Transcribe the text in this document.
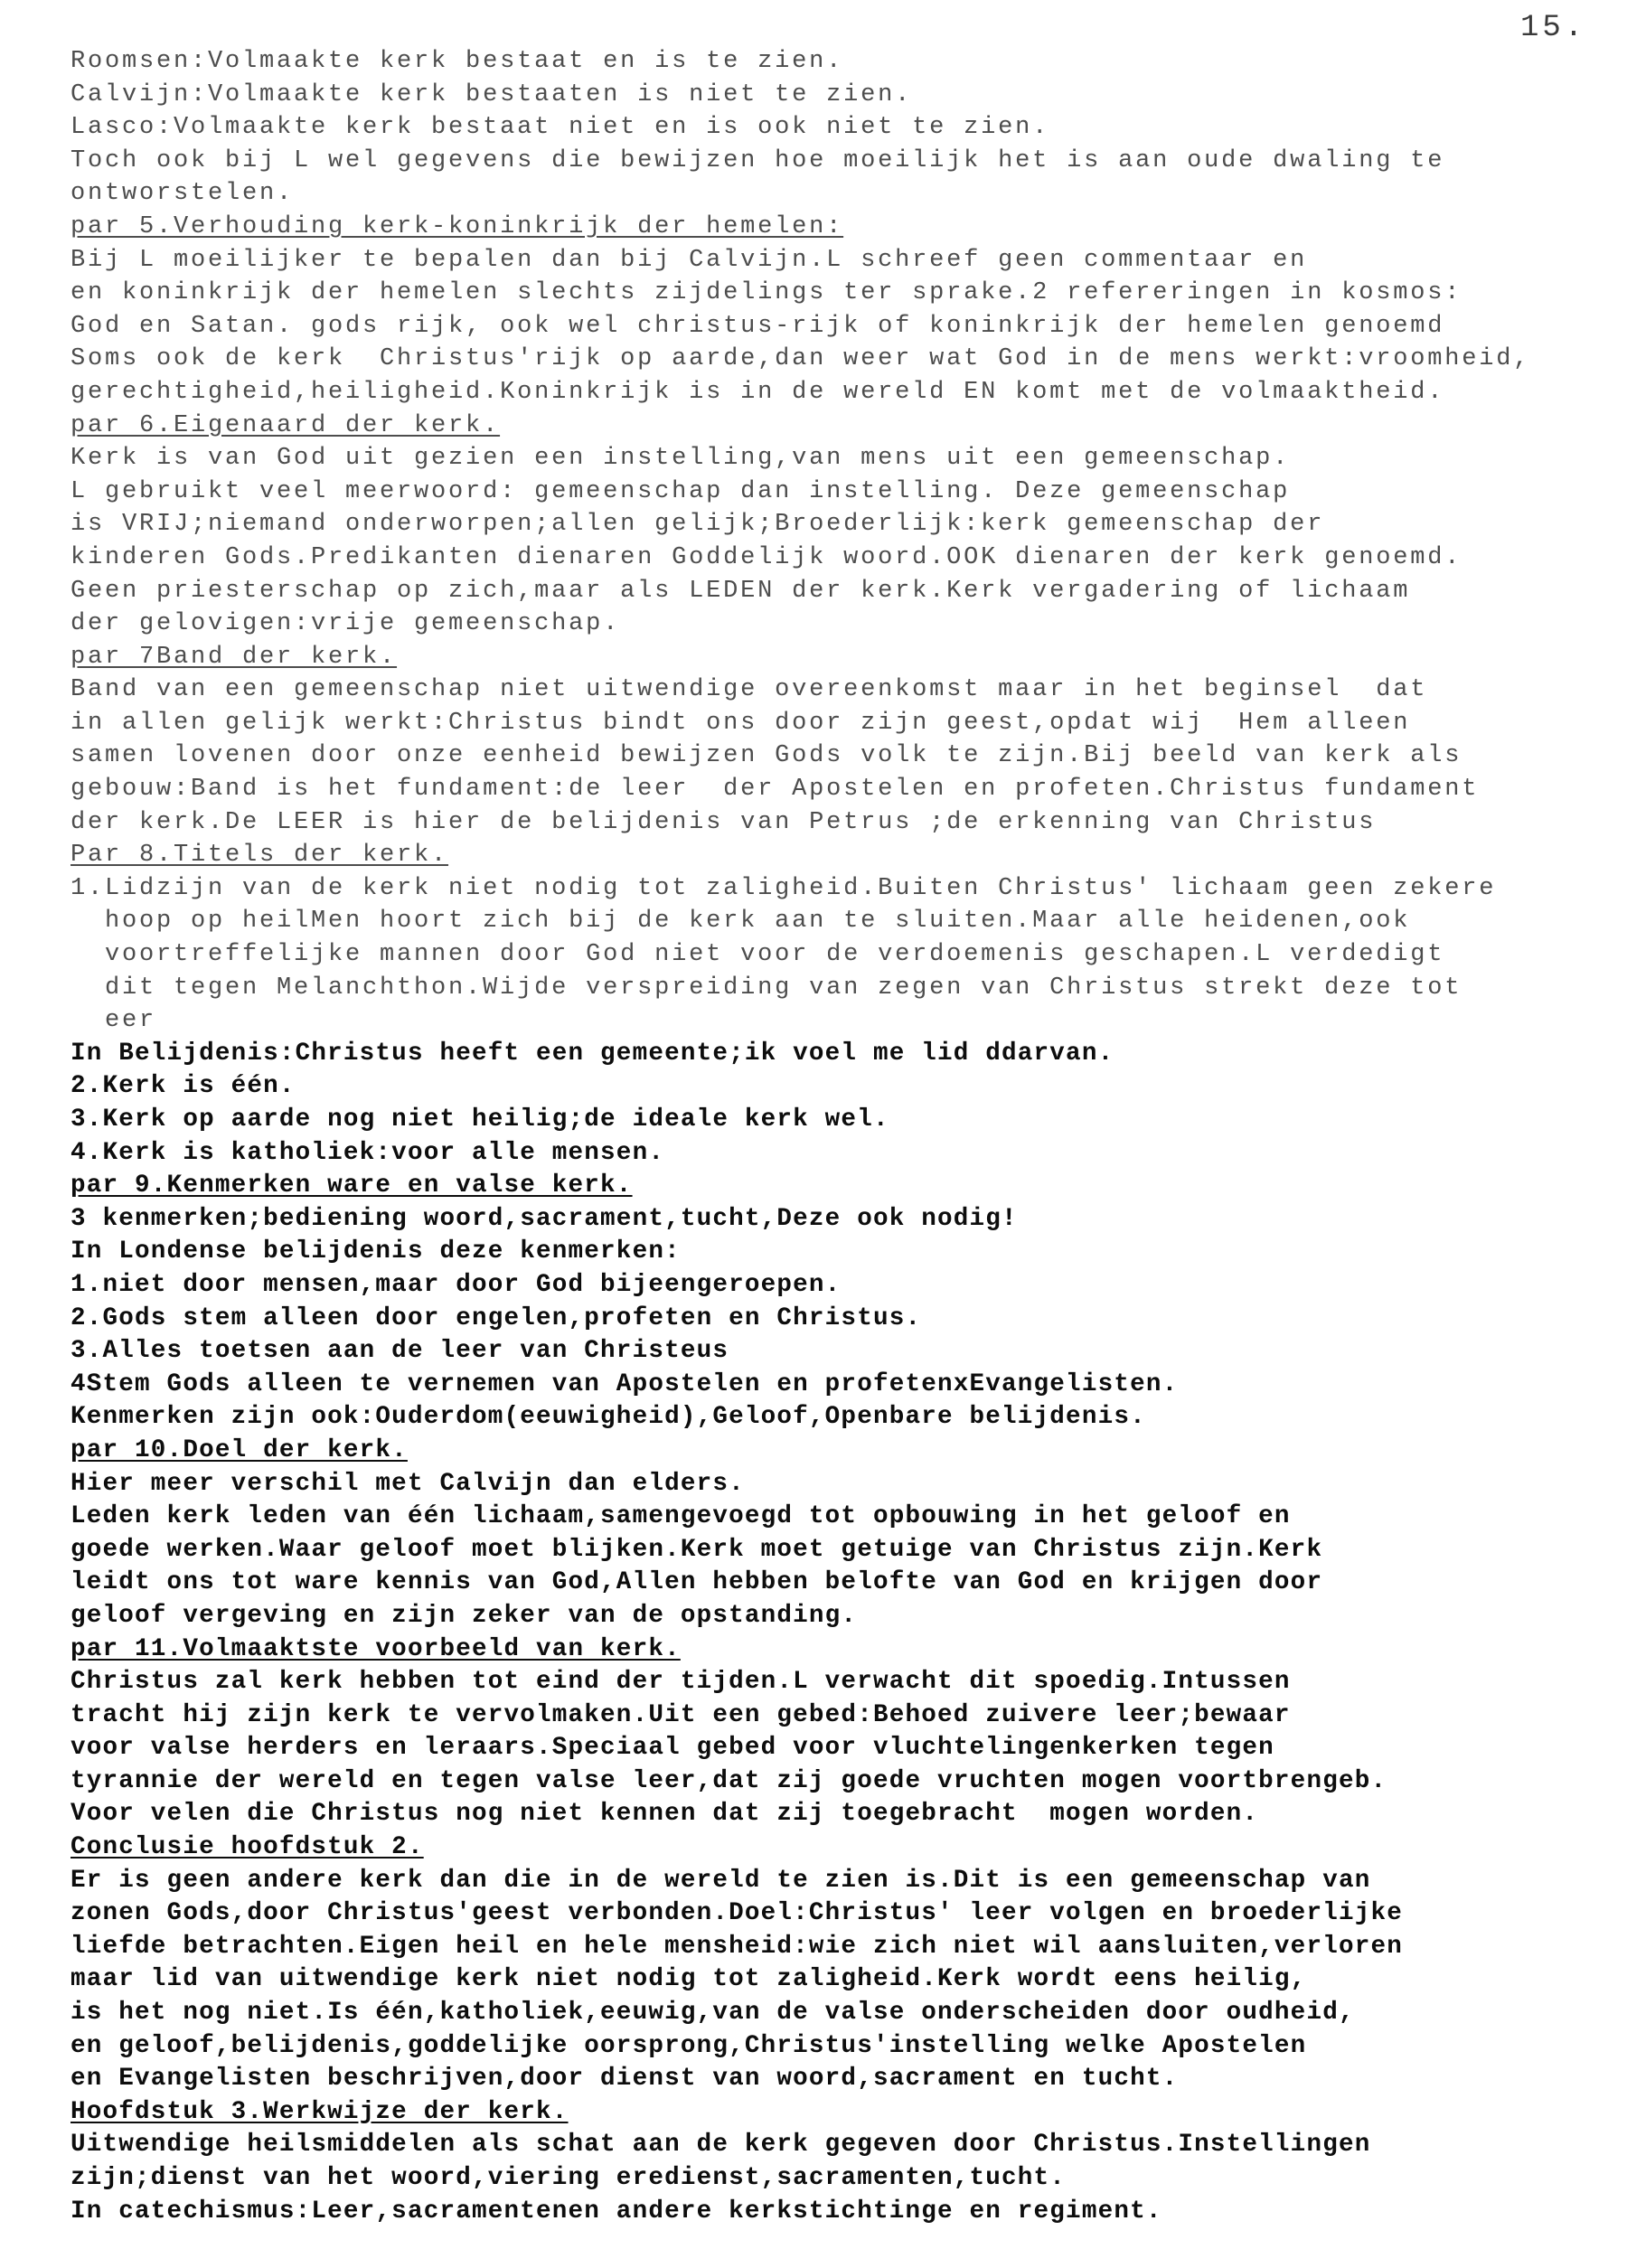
15.
Roomsen:Volmaakte kerk bestaat en is te zien.
Calvijn:Volmaakte kerk bestaaten is niet te zien.
Lasco:Volmaakte kerk bestaat niet en is ook niet te zien.
Toch ook bij L wel gegevens die bewijzen hoe moeilijk het is aan oude dwaling te
ontworstelen.
par 5.Verhouding kerk-koninkrijk der hemelen:
Bij L moeilijker te bepalen dan bij Calvijn.L schreef geen commentaar en
en koninkrijk der hemelen slechts zijdelings ter sprake.2 refereringen in kosmos:
God en Satan. gods rijk, ook wel christus-rijk of koninkrijk der hemelen genoemd
Soms ook de kerk  Christus'rijk op aarde,dan weer wat God in de mens werkt:vroomheid,
gerechtigheid,heiligheid.Koninkrijk is in de wereld EN komt met de volmaaktheid.
par 6.Eigenaard der kerk.
Kerk is van God uit gezien een instelling,van mens uit een gemeenschap.
L gebruikt veel meerwoord: gemeenschap dan instelling. Deze gemeenschap
is VRIJ;niemand onderworpen;allen gelijk;Broederlijk:kerk gemeenschap der
kinderen Gods.Predikanten dienaren Goddelijk woord.OOK dienaren der kerk genoemd.
Geen priesterschap op zich,maar als LEDEN der kerk.Kerk vergadering of lichaam
der gelovigen:vrije gemeenschap.
par 7Band der kerk.
Band van een gemeenschap niet uitwendige overeenkomst maar in het beginsel  dat
in allen gelijk werkt:Christus bindt ons door zijn geest,opdat wij  Hem alleen
samen lovenen door onze eenheid bewijzen Gods volk te zijn.Bij beeld van kerk als
gebouw:Band is het fundament:de leer  der Apostelen en profeten.Christus fundament
der kerk.De LEER is hier de belijdenis van Petrus ;de erkenning van Christus
Par 8.Titels der kerk.
1.Lidzijn van de kerk niet nodig tot zaligheid.Buiten Christus' lichaam geen zekere
hoop op heilMen hoort zich bij de kerk aan te sluiten.Maar alle heidenen,ook
voortreffelijke mannen door God niet voor de verdoemenis geschapen.L verdedigt
dit tegen Melanchthon.Wijde verspreiding van zegen van Christus strekt deze tot
eer
In Belijdenis:Christus heeft een gemeente;ik voel me lid ddarvan.
2.Kerk is één.
3.Kerk op aarde nog niet heilig;de ideale kerk wel.
4.Kerk is katholiek:voor alle mensen.
par 9.Kenmerken ware en valse kerk.
3 kenmerken;bediening woord,sacrament,tucht,Deze ook nodig!
In Londense belijdenis deze kenmerken:
1.niet door mensen,maar door God bijeengeroepen.
2.Gods stem alleen door engelen,profeten en Christus.
3.Alles toetsen aan de leer van Christeus
4Stem Gods alleen te vernemen van Apostelen en profetenxEvangelisten.
Kenmerken zijn ook:Ouderdom(eeuwigheid),Geloof,Openbare belijdenis.
par 10.Doel der kerk.
Hier meer verschil met Calvijn dan elders.
Leden kerk leden van één lichaam,samengevoegd tot opbouwing in het geloof en
goede werken.Waar geloof moet blijken.Kerk moet getuige van Christus zijn.Kerk
leidt ons tot ware kennis van God,Allen hebben belofte van God en krijgen door
geloof vergeving en zijn zeker van de opstanding.
par 11.Volmaaktste voorbeeld van kerk.
Christus zal kerk hebben tot eind der tijden.L verwacht dit spoedig.Intussen
tracht hij zijn kerk te vervolmaken.Uit een gebed:Behoed zuivere leer;bewaar
voor valse herders en leraars.Speciaal gebed voor vluchtelingenkerken tegen
tyrannie der wereld en tegen valse leer,dat zij goede vruchten mogen voortbrengeb.
Voor velen die Christus nog niet kennen dat zij toegebracht  mogen worden.
Conclusie hoofdstuk 2.
Er is geen andere kerk dan die in de wereld te zien is.Dit is een gemeenschap van
zonen Gods,door Christus'geest verbonden.Doel:Christus' leer volgen en broederlijke
liefde betrachten.Eigen heil en hele mensheid:wie zich niet wil aansluiten,verloren
maar lid van uitwendige kerk niet nodig tot zaligheid.Kerk wordt eens heilig,
is het nog niet.Is één,katholiek,eeuwig,van de valse onderscheiden door oudheid,
en geloof,belijdenis,goddelijke oorsprong,Christus'instelling welke Apostelen
en Evangelisten beschrijven,door dienst van woord,sacrament en tucht.
Hoofdstuk 3.Werkwijze der kerk.
Uitwendige heilsmiddelen als schat aan de kerk gegeven door Christus.Instellingen
zijn;dienst van het woord,viering eredienst,sacramenten,tucht.
In catechismus:Leer,sacramentenen andere kerkstichtinge en regiment.
